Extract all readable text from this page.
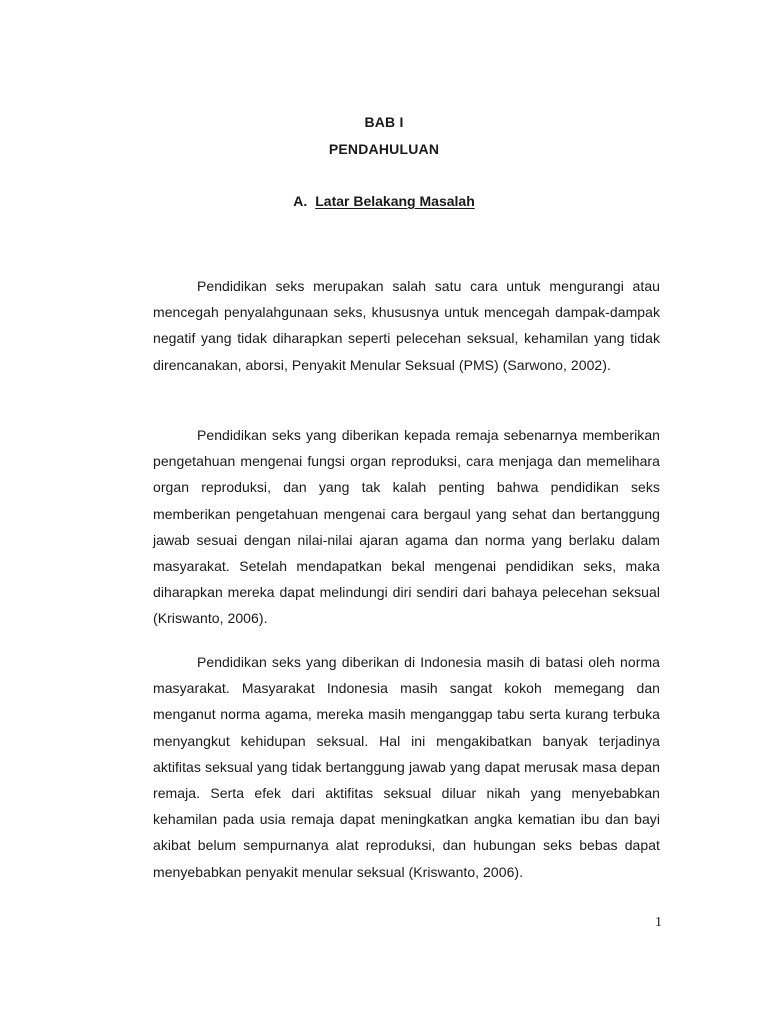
BAB I
PENDAHULUAN
A. Latar Belakang Masalah

Pendidikan seks merupakan salah satu cara untuk mengurangi atau mencegah penyalahgunaan seks, khususnya untuk mencegah dampak-dampak negatif yang tidak diharapkan seperti pelecehan seksual, kehamilan yang tidak direncanakan, aborsi, Penyakit Menular Seksual (PMS) (Sarwono, 2002).

Pendidikan seks yang diberikan kepada remaja sebenarnya memberikan pengetahuan mengenai fungsi organ reproduksi, cara menjaga dan memelihara organ reproduksi, dan yang tak kalah penting bahwa pendidikan seks memberikan pengetahuan mengenai cara bergaul yang sehat dan bertanggung jawab sesuai dengan nilai-nilai ajaran agama dan norma yang berlaku dalam masyarakat. Setelah mendapatkan bekal mengenai pendidikan seks, maka diharapkan mereka dapat melindungi diri sendiri dari bahaya pelecehan seksual (Kriswanto, 2006).

Pendidikan seks yang diberikan di Indonesia masih di batasi oleh norma masyarakat. Masyarakat Indonesia masih sangat kokoh memegang dan menganut norma agama, mereka masih menganggap tabu serta kurang terbuka menyangkut kehidupan seksual. Hal ini mengakibatkan banyak terjadinya aktifitas seksual yang tidak bertanggung jawab yang dapat merusak masa depan remaja. Serta efek dari aktifitas seksual diluar nikah yang menyebabkan kehamilan pada usia remaja dapat meningkatkan angka kematian ibu dan bayi akibat belum sempurnanya alat reproduksi, dan hubungan seks bebas dapat menyebabkan penyakit menular seksual (Kriswanto, 2006).

1
